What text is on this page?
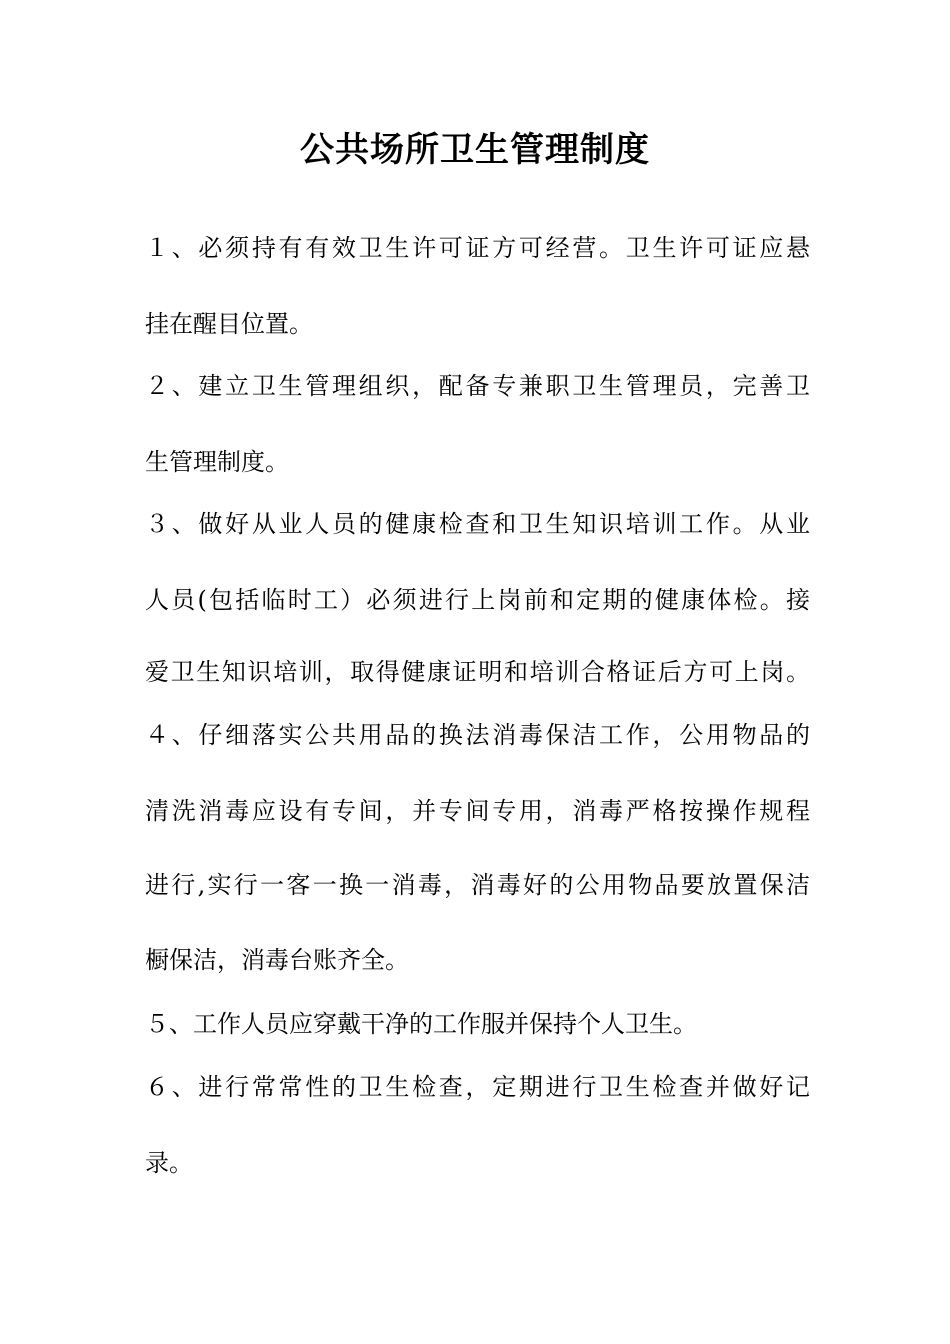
公共场所卫生管理制度
１、必须持有有效卫生许可证方可经营。卫生许可证应悬
挂在醒目位置。
２、建立卫生管理组织，配备专兼职卫生管理员，完善卫
生管理制度。
３、做好从业人员的健康检查和卫生知识培训工作。从业
人员(包括临时工）必须进行上岗前和定期的健康体检。接
爱卫生知识培训，取得健康证明和培训合格证后方可上岗。
４、仔细落实公共用品的换法消毒保洁工作，公用物品的
清洗消毒应设有专间，并专间专用，消毒严格按操作规程
进行,实行一客一换一消毒，消毒好的公用物品要放置保洁
橱保洁，消毒台账齐全。
５、工作人员应穿戴干净的工作服并保持个人卫生。
６、进行常常性的卫生检查，定期进行卫生检查并做好记
录。
